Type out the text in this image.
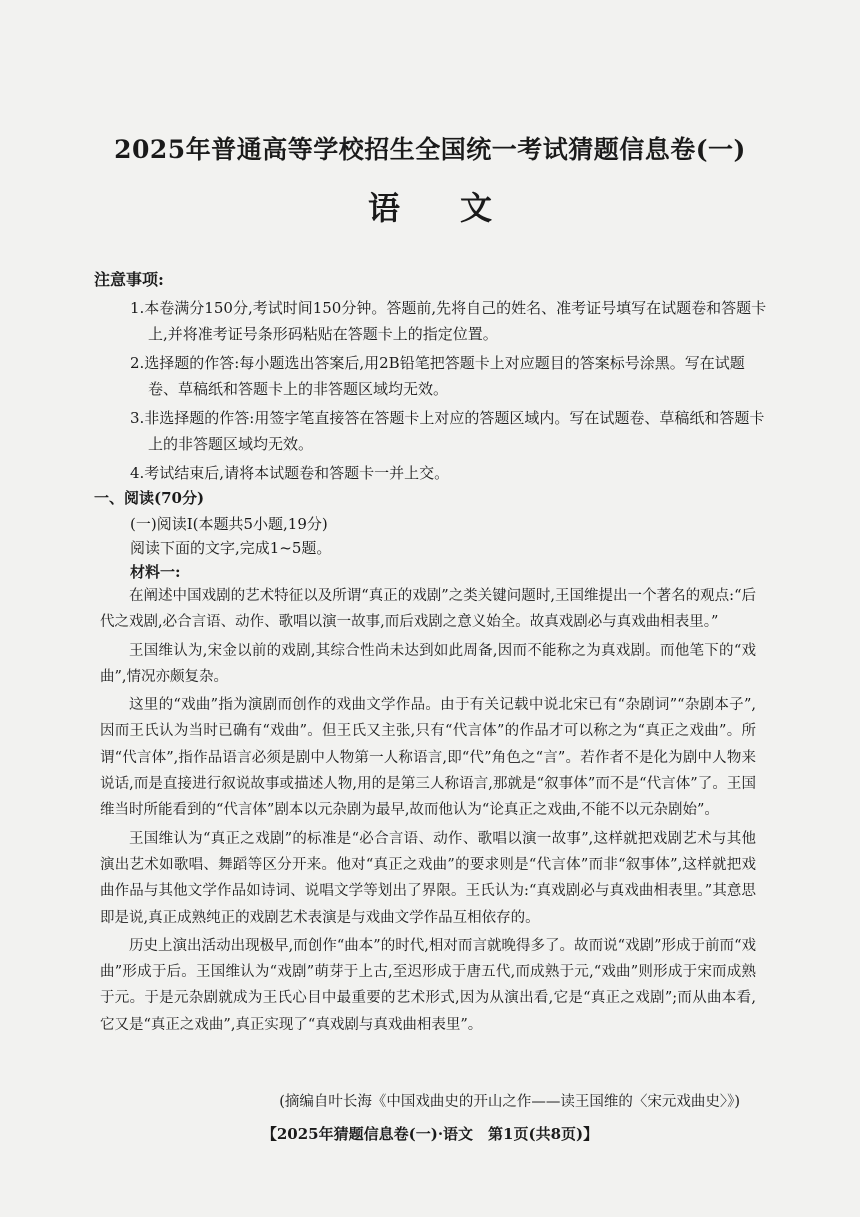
2025年普通高等学校招生全国统一考试猜题信息卷(一)
语文
注意事项:
1.本卷满分150分,考试时间150分钟。答题前,先将自己的姓名、准考证号填写在试题卷和答题卡上,并将准考证号条形码粘贴在答题卡上的指定位置。
2.选择题的作答:每小题选出答案后,用2B铅笔把答题卡上对应题目的答案标号涂黑。写在试题卷、草稿纸和答题卡上的非答题区域均无效。
3.非选择题的作答:用签字笔直接答在答题卡上对应的答题区域内。写在试题卷、草稿纸和答题卡上的非答题区域均无效。
4.考试结束后,请将本试题卷和答题卡一并上交。
一、阅读(70分)
(一)阅读Ⅰ(本题共5小题,19分)
阅读下面的文字,完成1~5题。
材料一:

在阐述中国戏剧的艺术特征以及所谓“真正的戏剧”之类关键问题时,王国维提出一个著名的观点:“后代之戏剧,必合言语、动作、歌唱以演一故事,而后戏剧之意义始全。故真戏剧必与真戏曲相表里。”

王国维认为,宋金以前的戏剧,其综合性尚未达到如此周备,因而不能称之为真戏剧。而他笔下的“戏曲”,情况亦颇复杂。

这里的“戏曲”指为演剧而创作的戏曲文学作品。由于有关记载中说北宋已有“杂剧词”“杂剧本子”,因而王氏认为当时已确有“戏曲”。但王氏又主张,只有“代言体”的作品才可以称之为“真正之戏曲”。所谓“代言体”,指作品语言必须是剧中人物第一人称语言,即“代”角色之“言”。若作者不是化为剧中人物来说话,而是直接进行叙说故事或描述人物,用的是第三人称语言,那就是“叙事体”而不是“代言体”了。王国维当时所能看到的“代言体”剧本以元杂剧为最早,故而他认为“论真正之戏曲,不能不以元杂剧始”。

王国维认为“真正之戏剧”的标准是“必合言语、动作、歌唱以演一故事”,这样就把戏剧艺术与其他演出艺术如歌唱、舞蹈等区分开来。他对“真正之戏曲”的要求则是“代言体”而非“叙事体”,这样就把戏曲作品与其他文学作品如诗词、说唱文学等划出了界限。王氏认为:“真戏剧必与真戏曲相表里。”其意思即是说,真正成熟纯正的戏剧艺术表演是与戏曲文学作品互相依存的。

历史上演出活动出现极早,而创作“曲本”的时代,相对而言就晚得多了。故而说“戏剧”形成于前而“戏曲”形成于后。王国维认为“戏剧”萌芽于上古,至迟形成于唐五代,而成熟于元,“戏曲”则形成于宋而成熟于元。于是元杂剧就成为王氏心目中最重要的艺术形式,因为从演出看,它是“真正之戏剧”;而从曲本看,它又是“真正之戏曲”,真正实现了“真戏剧与真戏曲相表里”。

(摘编自叶长海《中国戏曲史的开山之作——读王国维的〈宋元戏曲史〉》)
【2025年猜题信息卷(一)·语文　第1页(共8页)】
